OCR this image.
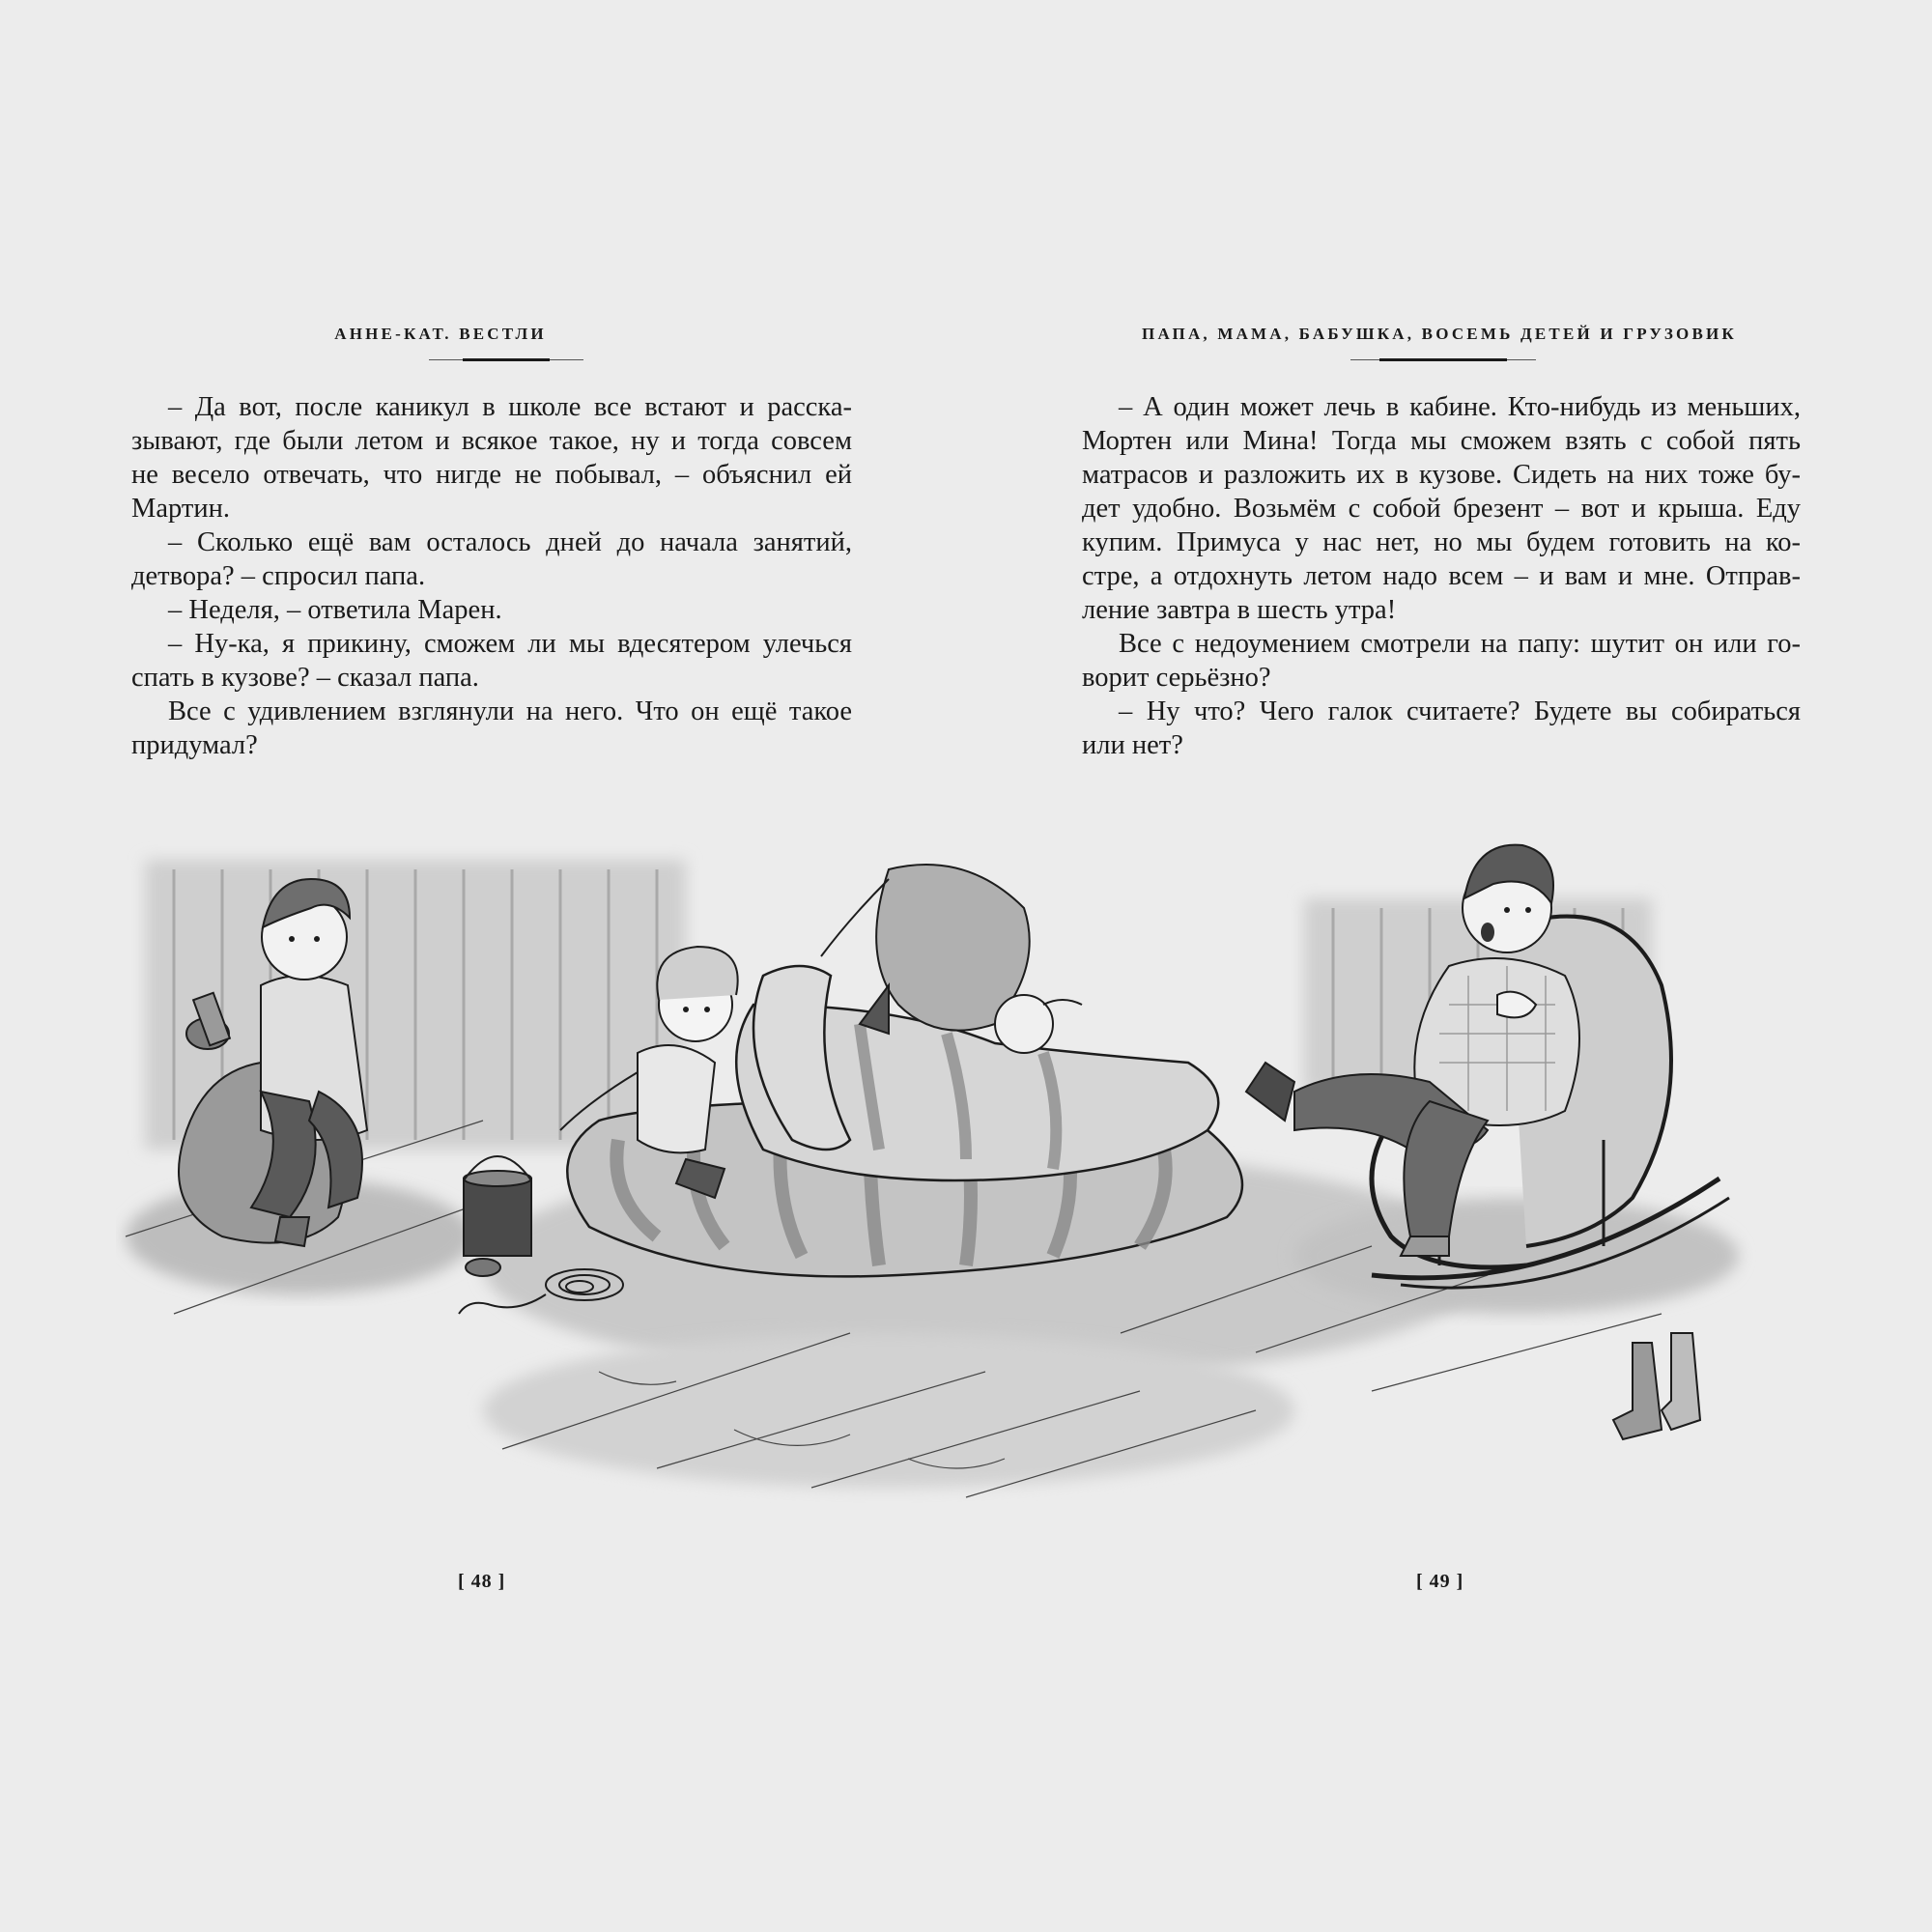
АННЕ-КАТ. ВЕСТЛИ

– Да вот, после каникул в школе все встают и расска-

зывают, где были летом и всякое такое, ну и тогда совсем

не весело отвечать, что нигде не побывал, – объяснил ей

Мартин.

– Сколько ещё вам осталось дней до начала занятий,

детвора? – спросил папа.

– Неделя, – ответила Марен.

– Ну-ка, я прикину, сможем ли мы вдесятером улечься

спать в кузове? – сказал папа.

Все с удивлением взглянули на него. Что он ещё такое

придумал?

[ 48 ]
ПАПА, МАМА, БАБУШКА, ВОСЕМЬ ДЕТЕЙ И ГРУЗОВИК

– А один может лечь в кабине. Кто-нибудь из меньших,

Мортен или Мина! Тогда мы сможем взять с собой пять

матрасов и разложить их в кузове. Сидеть на них тоже бу-

дет удобно. Возьмём с собой брезент – вот и крыша. Еду

купим. Примуса у нас нет, но мы будем готовить на ко-

стре, а отдохнуть летом надо всем – и вам и мне. Отправ-

ление завтра в шесть утра!

Все с недоумением смотрели на папу: шутит он или го-

ворит серьёзно?

– Ну что? Чего галок считаете? Будете вы собираться

или нет?

[ 49 ]
